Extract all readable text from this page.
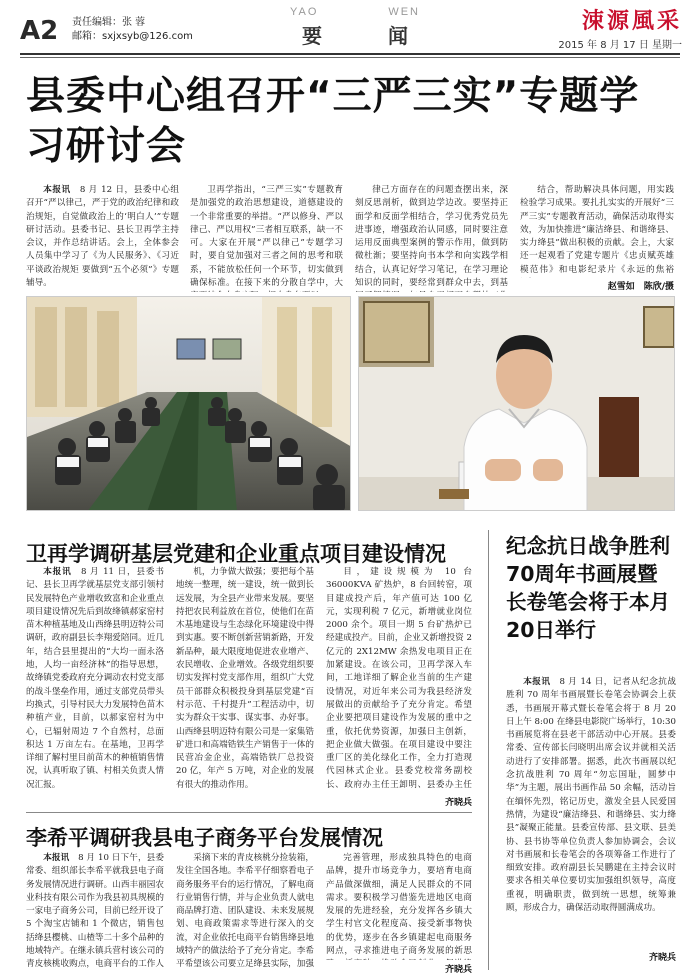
A2 责任编辑：张 蓉
邮箱：sxjxsyb@126.com
YAO	WEN
要	闻
涑源風采
2015 年 8 月 17 日 星期一
县委中心组召开“三严三实”专题学习研讨会

本报讯　 8 月 12 日，县委中心组召开“严以律己，严于党的政治纪律和政治规矩，自觉做政治上的‘明白人’”专题研讨活动。县委书记、县长卫再学主持会议，并作总结讲话。会上，全体参会人员集中学习了《为人民服务》、《习近平谈政治规矩 要做到“五个必须”》专题辅导。

卫再学指出，“三严三实”专题教育是加强党的政治思想建设，道德建设的一个非常重要的举措。“严以修身、严以律己、严以用权”三者相互联系，缺一不可。大家在开展“严以律己”专题学习时，要自觉加强对三者之间的思考和联系，不能放松任何一个环节，切实做到确保标准。在接下来的分散自学中，大

律己方面存在的问题查摆出来，深刻反思剖析，做到边学边改。要坚持正面学和反面学相结合，学习优秀党员先进事迹，增强政治认同感，同时要注意运用反面典型案例的警示作用，做到防微杜渐；要坚持向书本学和向实践学相结合，认真记好学习笔记，在学习理论知识的同时，要经常到群众中去，到基

结合，帮助解决具体问题，用实践检验学习成果。要扎扎实实的开展好“三严三实”专题教育活动，确保活动取得实效，为加快推进“廉洁绛县、和谐绛县、实力绛县”做出积极的贡献。会上，大家还一起观看了党建专题片《忠贞赋英雄模范伟》和电影纪录片《永远的焦裕

赵雪如　陈欣/摄
卫再学调研基层党建和企业重点项目建设情况

本报讯　 8 月 11 日，县委书记、县长卫再学就基层党支部引领村民发展特色产业增收致富和企业重点项目建设情况先后到故绛镇郝家窑村苗木种植基地及山西绛县明迈特公司调研，政府副县长李翔爱陪同。近几年，结合县里提出的“大均一面永洛地，人均一亩经济林”的指导思想，故绛镇党委政府充分调动农村党支部的战斗堡垒作用，通过支部党员带头均换式，引导村民大力发展特色苗木种植产业，目前，以郝家窑村为中心，已辐射周边 7 个自然村，总面积达 1 万亩左右。在基地，卫再学详细了解村里目前苗木的种植销售情况，认真听取了镇、村相关负责人情况汇报。

机，力争做大做强；要把每个基地统一整理，统一建设，统一做到长远发展，为全县产业带来发展。要坚持把农民利益放在首位，使他们在苗木基地建设与生态绿化环境建设中得到实惠。要不断创新营销新路，开发新品种，最大限度地促进农业增产、农民增收、企业增效。各级党组织要切实发挥村党支部作用，组织广大党员干部群众积极投身到基层党建“百村示范、千村提升”工程活动中，切实为群众干实事、谋实事、办好事。山西绛县明迈特有限公司是一家集锆矿进口和高端锆铁生产销售于一体的民营冶金企业，高端锆铁厂总投资 20 亿，年产 5 万吨，对企业的发展有很大的推动作用。

目，建设规模为 10 台 36000KVA 矿热炉，8 台回转窑，项目建成投产后，年产值可达 100 亿元，实现利税 7 亿元，新增就业岗位 2000 余个。项目一期 5 台矿热炉已经建成投产。目前，企业又新增投资 2 亿元的 2X12MW 余热发电项目正在加紧建设。在该公司，卫再学深入车间，工地详细了解企业当前的生产建设情况，对近年来公司为我县经济发展做出的贡献给予了充分肯定。希望企业要把项目建设作为发展的重中之重，依托优势资源，加强日主创新，把企业做大做强。在项目建设中要注重厂区的美化绿化工作，全力打造现代园林式企业。县委党校常务副校长、政府办主任王卸明、县委办主任

齐晓兵
纪念抗日战争胜利70周年书画展暨长卷笔会将于本月20日举行

本报讯　 8 月 14 日，记者从纪念抗战胜利 70 周年书画展暨长卷笔会协调会上获悉，书画展开幕式暨长卷笔会将于 8 月 20 日上午 8:00 在绛县电影院广场举行，10:30 书画展览将在县老干部活动中心开展。县委常委、宣传部长闫晓明出席会议并就相关活动进行了安排部署。据悉，此次书画展以纪念抗战胜利 70 周年“勿忘国耻，圆梦中华”为主题，展出书画作品 50 余幅，活动旨在缅怀先烈，铭记历史，激发全县人民爱国热情，为建设“廉洁绛县、和谐绛县、实力绛县”凝聚正能量。县委宣传部、县文联、县美协、县书协等单位负责人参加协调会，会议对书画展和长卷笔会的各项筹备工作进行了细致安排。政府副县长吴鹏建在主持会议时要求各相关单位要切实加强组织领导，高度重视，明确职责，做到统一思想，统筹兼顾，形成合力，确保活动取得圆满成功。

齐晓兵
李希平调研我县电子商务平台发展情况

本报讯　 8 月 10 日下午，县委常委、组织部长李希平就我县电子商务发展情况进行调研。山西丰丽园农业科技有限公司作为我县初具规模的一家电子商务公司，目前已经开设了 5 个淘宝店铺和 1 个微店，销售包括绛县樱桃、山楂等二十多个品种的地域特产。在继永镇兵营村该公司的青皮核桃收购点，电商平台的工作人

采摘下来的青皮核桃分捡装箱，发往全国各地。李希平仔细察看电子商务服务平台的运行情况，了解电商行业销售行情，并与企业负责人就电商品牌打造、团队建设、未来发展规划、电商政策需求等进行深入的交流，对企业依托电商平台销售绛县地域特产的做法给予了充分肯定。李希平希望该公司要立足绛县实际，加强

完善管理，形成独具特色的电商品牌，提升市场竞争力，要培育电商产品做深做细，满足人民群众的不同需求。要积极学习借鉴先进地区电商发展的先进经验，充分发挥各乡镇大学生村官文化程度高、接受新事物快的优势，逐步在各乡镇建起电商服务网点，寻求推进电子商务发展的新思

齐晓兵
